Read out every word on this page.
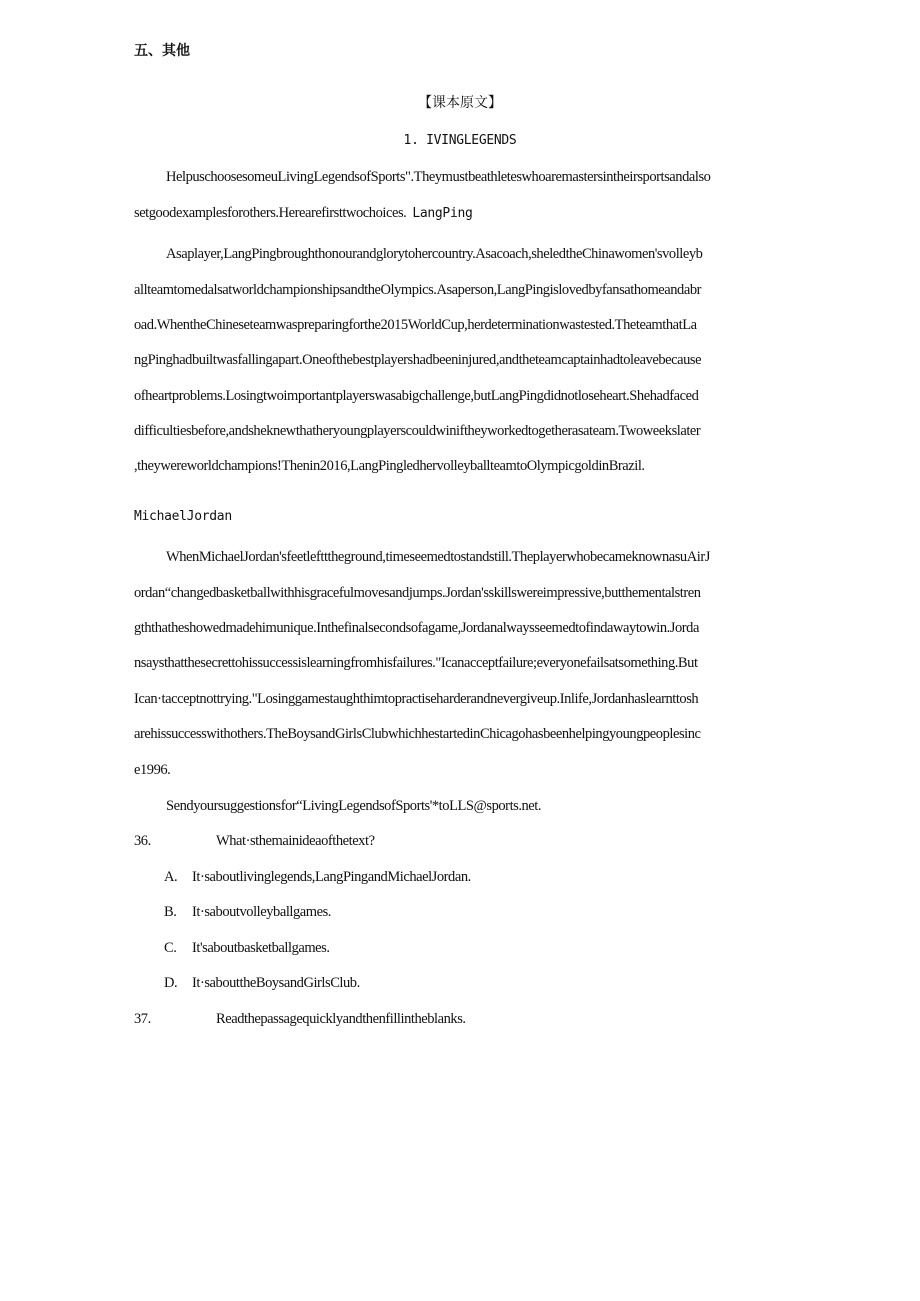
五、其他
【课本原文】
1. IVINGLEGENDS
HelpuschoosesomeuLivingLegendsofSports".Theymustbeathleteswhoaremastersintheirsportsandalso
setgoodexamplesforothers.Herearefirsttwochoices. LangPing
Asaplayer,LangPingbroughthonourandglorytohercountry.Asacoach,sheledtheChinawomen'svolleyb
allteamtomedalsatworldchampionshipsandtheOlympics.Asaperson,LangPingislovedbyfansathomeandabr
oad.WhentheChineseteamwaspreparingforthe2015WorldCup,herdeterminationwastested.TheteamthatLa
ngPinghadbuiltwasfallingapart.Oneofthebestplayershadbeeninjured,andtheteamcaptainhadtoleavebecause
ofheartproblems.Losingtwoimportantplayerswasabigchallenge,butLangPingdidnotloseheart.Shehadfaced
difficultiesbefore,andsheknewthatheryoungplayerscouldwiniftheyworkedtogetherasateam.Twoweekslater
,theywereworldchampions!Thenin2016,LangPingledhervolleyballteamtoOlympicgoldinBrazil.
MichaelJordan
WhenMichaelJordan'sfeetleftttheground,timeseemedtostandstill.TheplayerwhobecameknownasuAirJ
ordan“changedbasketballwithhisgracefulmovesandjumps.Jordan'sskillswereimpressive,butthementalstren
gththatheshowedmadehimunique.Inthefinalsecondsofagame,Jordanalwaysseemedtofindawaytowin.Jorda
nsaysthatthesecrettohissuccessislearningfromhisfailures."Icanacceptfailure;everyonefailsatsomething.But
Ican·tacceptnottrying."Losinggamestaughthimtopractiseharderandnevergiveup.Inlife,Jordanhaslearnttosh
arehissuccesswithothers.TheBoysandGirlsClubwhichhestartedinChicagohasbeenhelpingyoungpeoplesinc
e1996.
Sendyoursuggestionsfor“LivingLegendsofSports'*toLLS@sports.net.
36.	What·sthemainideaofthetext?
A. It·saboutlivinglegends,LangPingandMichaelJordan.
B. It·saboutvolleyballgames.
C. It'saboutbasketballgames.
D. It·sabouttheBoysandGirlsClub.
37.	Readthepassagequicklyandthenfillintheblanks.
